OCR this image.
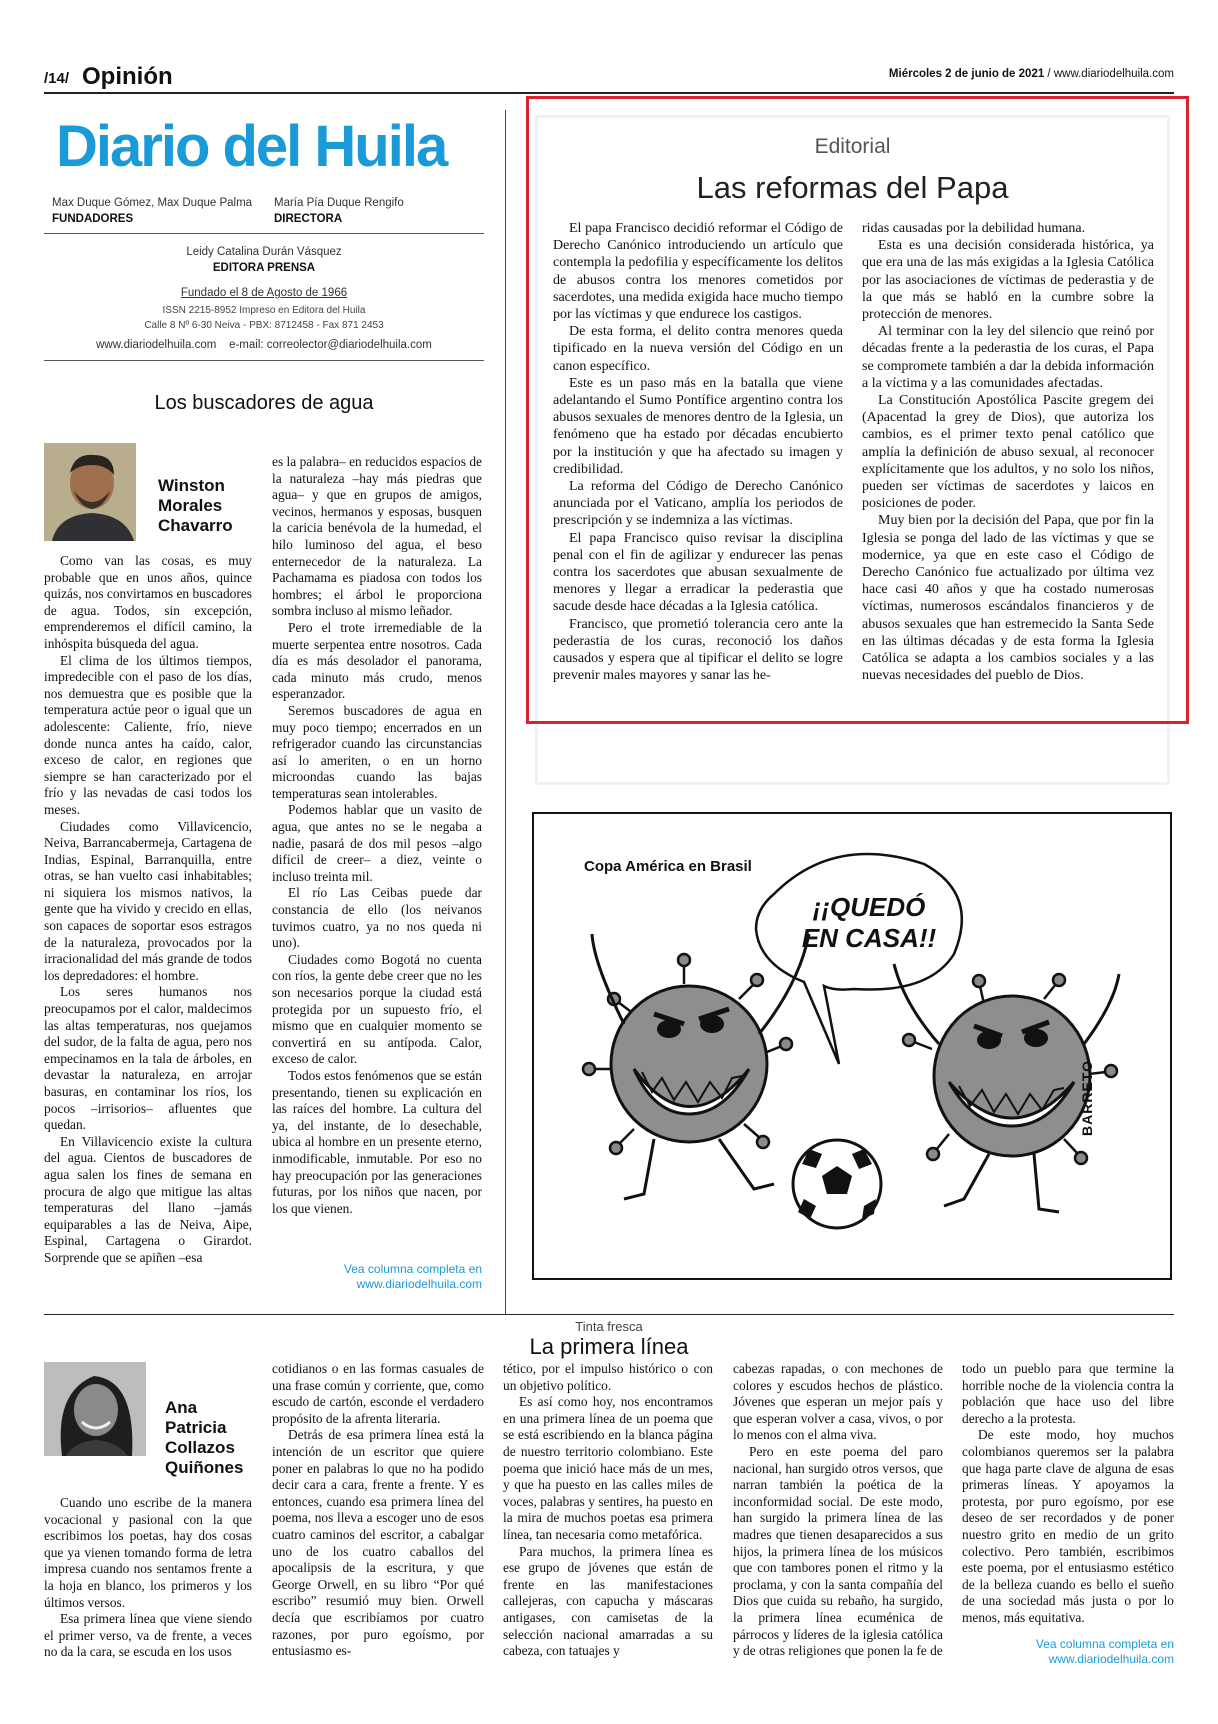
/14/ Opinión	Miércoles 2 de junio de 2021 / www.diariodelhuila.com
Diario del Huila
Max Duque Gómez, Max Duque Palma
FUNDADORES
María Pía Duque Rengifo
DIRECTORA
Leidy Catalina Durán Vásquez
EDITORA PRENSA
Fundado el 8 de Agosto de 1966
ISSN 2215-8952 Impreso en Editora del Huila
Calle 8 Nº 6-30 Neiva - PBX: 8712458 - Fax 871 2453
www.diariodelhuila.com    e-mail: correolector@diariodelhuila.com
Los buscadores de agua
Winston
Morales
Chavarro

Como van las cosas, es muy probable que en unos años, quince quizás, nos convirtamos en buscadores de agua. Todos, sin excepción, emprenderemos el difícil camino, la inhóspita búsqueda del agua.

El clima de los últimos tiempos, impredecible con el paso de los días, nos demuestra que es posible que la temperatura actúe peor o igual que un adolescente: Caliente, frío, nieve donde nunca antes ha caído, calor, exceso de calor, en regiones que siempre se han caracterizado por el frío y las nevadas de casi todos los meses.

Ciudades como Villavicencio, Neiva, Barrancabermeja, Cartagena de Indias, Espinal, Barranquilla, entre otras, se han vuelto casi inhabitables; ni siquiera los mismos nativos, la gente que ha vivido y crecido en ellas, son capaces de soportar esos estragos de la naturaleza, provocados por la irracionalidad del más grande de todos los depredadores: el hombre.

Los seres humanos nos preocupamos por el calor, maldecimos las altas temperaturas, nos quejamos del sudor, de la falta de agua, pero nos empecinamos en la tala de árboles, en devastar la naturaleza, en arrojar basuras, en contaminar los ríos, los pocos –irrisorios– afluentes que quedan.

En Villavicencio existe la cultura del agua. Cientos de buscadores de agua salen los fines de semana en procura de algo que mitigue las altas temperaturas del llano –jamás equiparables a las de Neiva, Aipe, Espinal, Cartagena o Girardot. Sorprende que se apiñen –esa

es la palabra– en reducidos espacios de la naturaleza –hay más piedras que agua– y que en grupos de amigos, vecinos, hermanos y esposas, busquen la caricia benévola de la humedad, el hilo luminoso del agua, el beso enternecedor de la naturaleza. La Pachamama es piadosa con todos los hombres; el árbol le proporciona sombra incluso al mismo leñador.

Pero el trote irremediable de la muerte serpentea entre nosotros. Cada día es más desolador el panorama, cada minuto más crudo, menos esperanzador.

Seremos buscadores de agua en muy poco tiempo; encerrados en un refrigerador cuando las circunstancias así lo ameriten, o en un horno microondas cuando las bajas temperaturas sean intolerables.

Podemos hablar que un vasito de agua, que antes no se le negaba a nadie, pasará de dos mil pesos –algo difícil de creer– a diez, veinte o incluso treinta mil.

El río Las Ceibas puede dar constancia de ello (los neivanos tuvimos cuatro, ya no nos queda ni uno).

Ciudades como Bogotá no cuenta con ríos, la gente debe creer que no les son necesarios porque la ciudad está protegida por un supuesto frío, el mismo que en cualquier momento se convertirá en su antípoda. Calor, exceso de calor.

Todos estos fenómenos que se están presentando, tienen su explicación en las raíces del hombre. La cultura del ya, del instante, de lo desechable, ubica al hombre en un presente eterno, inmodificable, inmutable. Por eso no hay preocupación por las generaciones futuras, por los niños que nacen, por los que vienen.

Vea columna completa en
www.diariodelhuila.com
Editorial
Las reformas del Papa

El papa Francisco decidió reformar el Código de Derecho Canónico introduciendo un artículo que contempla la pedofilia y específicamente los delitos de abusos contra los menores cometidos por sacerdotes, una medida exigida hace mucho tiempo por las víctimas y que endurece los castigos.

De esta forma, el delito contra menores queda tipificado en la nueva versión del Código en un canon específico.

Este es un paso más en la batalla que viene adelantando el Sumo Pontífice argentino contra los abusos sexuales de menores dentro de la Iglesia, un fenómeno que ha estado por décadas encubierto por la institución y que ha afectado su imagen y credibilidad.

La reforma del Código de Derecho Canónico anunciada por el Vaticano, amplía los periodos de prescripción y se indemniza a las víctimas.

El papa Francisco quiso revisar la disciplina penal con el fin de agilizar y endurecer las penas contra los sacerdotes que abusan sexualmente de menores y llegar a erradicar la pederastia que sacude desde hace décadas a la Iglesia católica.

Francisco, que prometió tolerancia cero ante la pederastia de los curas, reconoció los daños causados y espera que al tipificar el delito se logre prevenir males mayores y sanar las he-

ridas causadas por la debilidad humana.

Esta es una decisión considerada histórica, ya que era una de las más exigidas a la Iglesia Católica por las asociaciones de víctimas de pederastia y de la que más se habló en la cumbre sobre la protección de menores.

Al terminar con la ley del silencio que reinó por décadas frente a la pederastia de los curas, el Papa se compromete también a dar la debida información a la víctima y a las comunidades afectadas.

La Constitución Apostólica Pascite gregem dei (Apacentad la grey de Dios), que autoriza los cambios, es el primer texto penal católico que amplía la definición de abuso sexual, al reconocer explícitamente que los adultos, y no solo los niños, pueden ser víctimas de sacerdotes y laicos en posiciones de poder.

Muy bien por la decisión del Papa, que por fin la Iglesia se ponga del lado de las víctimas y que se modernice, ya que en este caso el Código de Derecho Canónico fue actualizado por última vez hace casi 40 años y que ha costado numerosas víctimas, numerosos escándalos financieros y de abusos sexuales que han estremecido la Santa Sede en las últimas décadas y de esta forma la Iglesia Católica se adapta a los cambios sociales y a las nuevas necesidades del pueblo de Dios.

Copa América en Brasil
¡¡QUEDÓ
EN CASA!!
BARRETO
Tinta fresca
La primera línea
Ana
Patricia
Collazos
Quiñones

Cuando uno escribe de la manera vocacional y pasional con la que escribimos los poetas, hay dos cosas que ya vienen tomando forma de letra impresa cuando nos sentamos frente a la hoja en blanco, los primeros y los últimos versos.

Esa primera línea que viene siendo el primer verso, va de frente, a veces no da la cara, se escuda en los usos

cotidianos o en las formas casuales de una frase común y corriente, que, como escudo de cartón, esconde el verdadero propósito de la afrenta literaria.

Detrás de esa primera línea está la intención de un escritor que quiere poner en palabras lo que no ha podido decir cara a cara, frente a frente. Y es entonces, cuando esa primera línea del poema, nos lleva a escoger uno de esos cuatro caminos del escritor, a cabalgar uno de los cuatro caballos del apocalipsis de la escritura, y que George Orwell, en su libro “Por qué escribo” resumió muy bien. Orwell decía que escribíamos por cuatro razones, por puro egoísmo, por entusiasmo es-

tético, por el impulso histórico o con un objetivo político.

Es así como hoy, nos encontramos en una primera línea de un poema que se está escribiendo en la blanca página de nuestro territorio colombiano. Este poema que inició hace más de un mes, y que ha puesto en las calles miles de voces, palabras y sentires, ha puesto en la mira de muchos poetas esa primera línea, tan necesaria como metafórica.

Para muchos, la primera línea es ese grupo de jóvenes que están de frente en las manifestaciones callejeras, con capucha y máscaras antigases, con camisetas de la selección nacional amarradas a su cabeza, con tatuajes y

cabezas rapadas, o con mechones de colores y escudos hechos de plástico. Jóvenes que esperan un mejor país y que esperan volver a casa, vivos, o por lo menos con el alma viva.

Pero en este poema del paro nacional, han surgido otros versos, que narran también la poética de la inconformidad social. De este modo, han surgido la primera línea de las madres que tienen desaparecidos a sus hijos, la primera línea de los músicos que con tambores ponen el ritmo y la proclama, y con la santa compañía del Dios que cuida su rebaño, ha surgido, la primera línea ecuménica de párrocos y líderes de la iglesia católica y de otras religiones que ponen la fe de

todo un pueblo para que termine la horrible noche de la violencia contra la población que hace uso del libre derecho a la protesta.

De este modo, hoy muchos colombianos queremos ser la palabra que haga parte clave de alguna de esas primeras líneas. Y apoyamos la protesta, por puro egoísmo, por ese deseo de ser recordados y de poner nuestro grito en medio de un grito colectivo. Pero también, escribimos este poema, por el entusiasmo estético de la belleza cuando es bello el sueño de una sociedad más justa o por lo menos, más equitativa.

Vea columna completa en
www.diariodelhuila.com
